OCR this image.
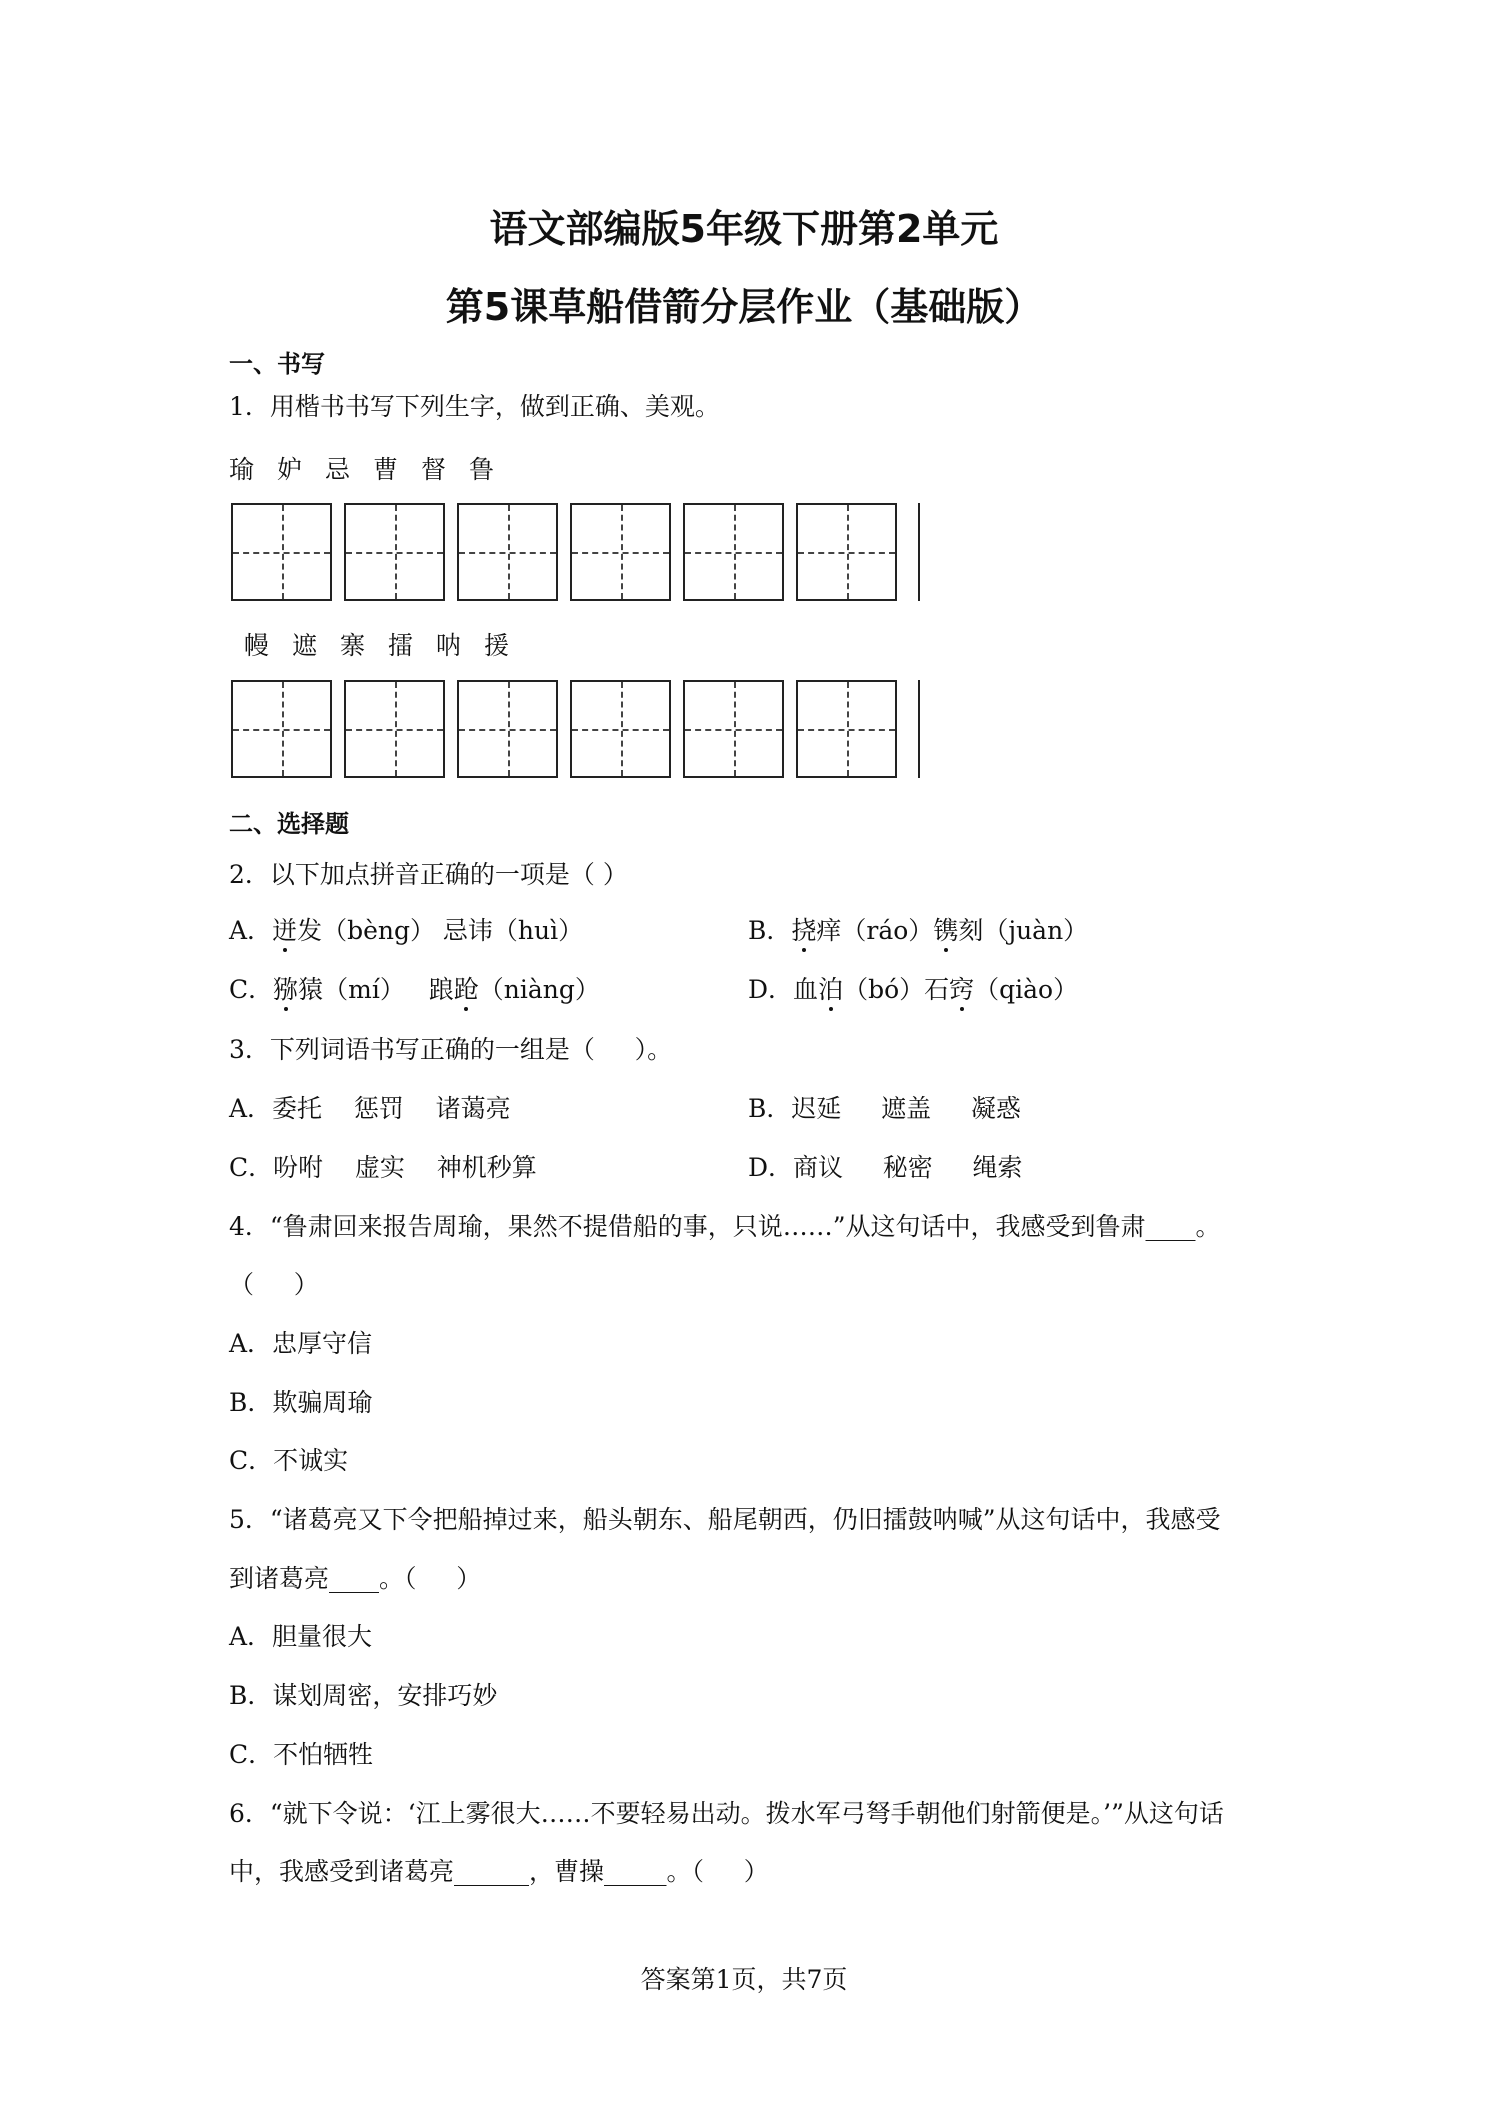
语文部编版5年级下册第2单元
第5课草船借箭分层作业（基础版）
一、书写
1．用楷书书写下列生字，做到正确、美观。
瑜 妒 忌 曹 督 鲁
幔 遮 寨 擂 呐 援
二、选择题
2．以下加点拼音正确的一项是（ ）
A．迸发（bèng） 忌讳（huì）	B．挠痒（ráo）镌刻（juàn）
C．猕猿（mí）   踉跄（niàng）	D．血泊（bó）石窍（qiào）
3．下列词语书写正确的一组是（     ）。
A．委托    惩罚    诸蔼亮	B．迟延     遮盖     凝惑
C．吩咐    虚实    神机秒算	D．商议     秘密     绳索
4．“鲁肃回来报告周瑜，果然不提借船的事，只说……”从这句话中，我感受到鲁肃____。
（     ）
A．忠厚守信
B．欺骗周瑜
C．不诚实
5．“诸葛亮又下令把船掉过来，船头朝东、船尾朝西，仍旧擂鼓呐喊”从这句话中，我感受
到诸葛亮____。（     ）
A．胆量很大
B．谋划周密，安排巧妙
C．不怕牺牲
6．“就下令说：‘江上雾很大……不要轻易出动。拨水军弓弩手朝他们射箭便是。’”从这句话
中，我感受到诸葛亮______，曹操_____。（     ）
答案第1页，共7页
